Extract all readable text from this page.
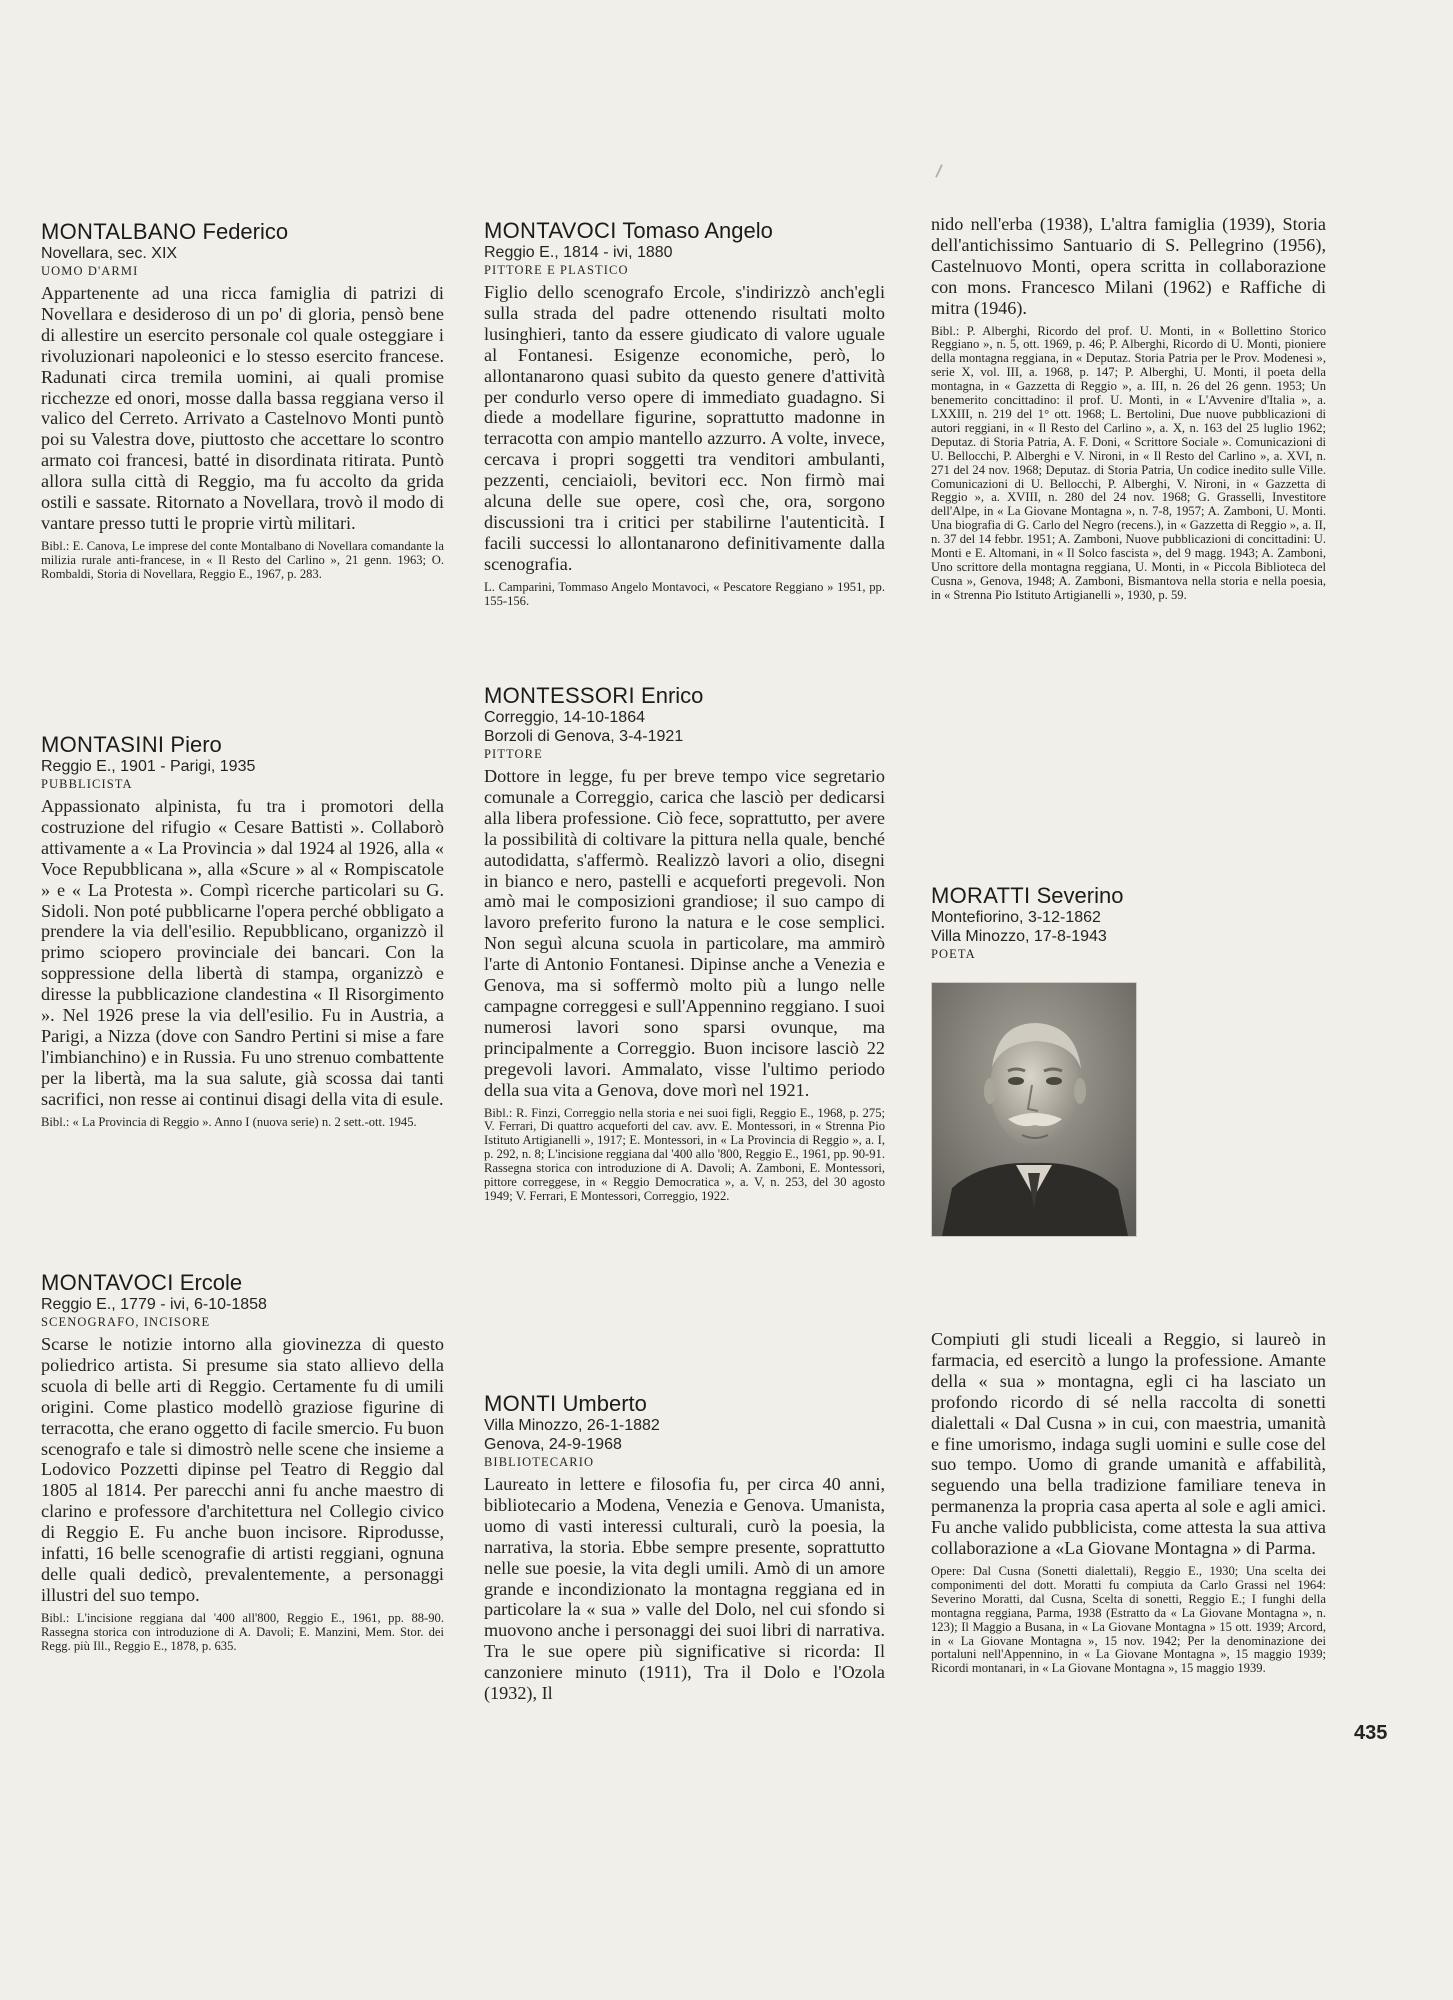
MONTALBANO Federico
Novellara, sec. XIX
UOMO D'ARMI

Appartenente ad una ricca famiglia di patrizi di Novellara e desideroso di un po' di gloria, pensò bene di allestire un esercito personale col quale osteggiare i rivoluzionari napoleonici e lo stesso esercito francese. Radunati circa tremila uomini, ai quali promise ricchezze ed onori, mosse dalla bassa reggiana verso il valico del Cerreto. Arrivato a Castelnovo Monti puntò poi su Valestra dove, piuttosto che accettare lo scontro armato coi francesi, batté in disordinata ritirata. Puntò allora sulla città di Reggio, ma fu accolto da grida ostili e sassate. Ritornato a Novellara, trovò il modo di vantare presso tutti le proprie virtù militari.

Bibl.: E. Canova, Le imprese del conte Montalbano di Novellara comandante la milizia rurale anti-francese, in « Il Resto del Carlino », 21 genn. 1963; O. Rombaldi, Storia di Novellara, Reggio E., 1967, p. 283.

MONTASINI Piero
Reggio E., 1901 - Parigi, 1935
PUBBLICISTA

Appassionato alpinista, fu tra i promotori della costruzione del rifugio « Cesare Battisti ». Collaborò attivamente a « La Provincia » dal 1924 al 1926, alla « Voce Repubblicana », alla «Scure » al « Rompiscatole » e « La Protesta ». Compì ricerche particolari su G. Sidoli. Non poté pubblicarne l'opera perché obbligato a prendere la via dell'esilio. Repubblicano, organizzò il primo sciopero provinciale dei bancari. Con la soppressione della libertà di stampa, organizzò e diresse la pubblicazione clandestina « Il Risorgimento ». Nel 1926 prese la via dell'esilio. Fu in Austria, a Parigi, a Nizza (dove con Sandro Pertini si mise a fare l'imbianchino) e in Russia. Fu uno strenuo combattente per la libertà, ma la sua salute, già scossa dai tanti sacrifici, non resse ai continui disagi della vita di esule.

Bibl.: « La Provincia di Reggio ». Anno I (nuova serie) n. 2 sett.-ott. 1945.

MONTAVOCI Ercole
Reggio E., 1779 - ivi, 6-10-1858
SCENOGRAFO, INCISORE

Scarse le notizie intorno alla giovinezza di questo poliedrico artista. Si presume sia stato allievo della scuola di belle arti di Reggio. Certamente fu di umili origini. Come plastico modellò graziose figurine di terracotta, che erano oggetto di facile smercio. Fu buon scenografo e tale si dimostrò nelle scene che insieme a Lodovico Pozzetti dipinse pel Teatro di Reggio dal 1805 al 1814. Per parecchi anni fu anche maestro di clarino e professore d'architettura nel Collegio civico di Reggio E. Fu anche buon incisore. Riprodusse, infatti, 16 belle scenografie di artisti reggiani, ognuna delle quali dedicò, prevalentemente, a personaggi illustri del suo tempo.

Bibl.: L'incisione reggiana dal '400 all'800, Reggio E., 1961, pp. 88-90. Rassegna storica con introduzione di A. Davoli; E. Manzini, Mem. Stor. dei Regg. più Ill., Reggio E., 1878, p. 635.

MONTAVOCI Tomaso Angelo
Reggio E., 1814 - ivi, 1880
PITTORE E PLASTICO

Figlio dello scenografo Ercole, s'indirizzò anch'egli sulla strada del padre ottenendo risultati molto lusinghieri, tanto da essere giudicato di valore uguale al Fontanesi. Esigenze economiche, però, lo allontanarono quasi subito da questo genere d'attività per condurlo verso opere di immediato guadagno. Si diede a modellare figurine, soprattutto madonne in terracotta con ampio mantello azzurro. A volte, invece, cercava i propri soggetti tra venditori ambulanti, pezzenti, cenciaioli, bevitori ecc. Non firmò mai alcuna delle sue opere, così che, ora, sorgono discussioni tra i critici per stabilirne l'autenticità. I facili successi lo allontanarono definitivamente dalla scenografia.

L. Camparini, Tommaso Angelo Montavoci, « Pescatore Reggiano » 1951, pp. 155-156.

MONTESSORI Enrico
Correggio, 14-10-1864
Borzoli di Genova, 3-4-1921
PITTORE

Dottore in legge, fu per breve tempo vice segretario comunale a Correggio, carica che lasciò per dedicarsi alla libera professione. Ciò fece, soprattutto, per avere la possibilità di coltivare la pittura nella quale, benché autodidatta, s'affermò. Realizzò lavori a olio, disegni in bianco e nero, pastelli e acqueforti pregevoli. Non amò mai le composizioni grandiose; il suo campo di lavoro preferito furono la natura e le cose semplici. Non seguì alcuna scuola in particolare, ma ammirò l'arte di Antonio Fontanesi. Dipinse anche a Venezia e Genova, ma si soffermò molto più a lungo nelle campagne correggesi e sull'Appennino reggiano. I suoi numerosi lavori sono sparsi ovunque, ma principalmente a Correggio. Buon incisore lasciò 22 pregevoli lavori. Ammalato, visse l'ultimo periodo della sua vita a Genova, dove morì nel 1921.

Bibl.: R. Finzi, Correggio nella storia e nei suoi figli, Reggio E., 1968, p. 275; V. Ferrari, Di quattro acqueforti del cav. avv. E. Montessori, in « Strenna Pio Istituto Artigianelli », 1917; E. Montessori, in « La Provincia di Reggio », a. I, p. 292, n. 8; L'incisione reggiana dal '400 allo '800, Reggio E., 1961, pp. 90-91. Rassegna storica con introduzione di A. Davoli; A. Zamboni, E. Montessori, pittore correggese, in « Reggio Democratica », a. V, n. 253, del 30 agosto 1949; V. Ferrari, E Montessori, Correggio, 1922.

MONTI Umberto
Villa Minozzo, 26-1-1882
Genova, 24-9-1968
BIBLIOTECARIO

Laureato in lettere e filosofia fu, per circa 40 anni, bibliotecario a Modena, Venezia e Genova. Umanista, uomo di vasti interessi culturali, curò la poesia, la narrativa, la storia. Ebbe sempre presente, soprattutto nelle sue poesie, la vita degli umili. Amò di un amore grande e incondizionato la montagna reggiana ed in particolare la « sua » valle del Dolo, nel cui sfondo si muovono anche i personaggi dei suoi libri di narrativa. Tra le sue opere più significative si ricorda: Il canzoniere minuto (1911), Tra il Dolo e l'Ozola (1932), Il

nido nell'erba (1938), L'altra famiglia (1939), Storia dell'antichissimo Santuario di S. Pellegrino (1956), Castelnuovo Monti, opera scritta in collaborazione con mons. Francesco Milani (1962) e Raffiche di mitra (1946).

Bibl.: P. Alberghi, Ricordo del prof. U. Monti, in « Bollettino Storico Reggiano », n. 5, ott. 1969, p. 46; P. Alberghi, Ricordo di U. Monti, pioniere della montagna reggiana, in « Deputaz. Storia Patria per le Prov. Modenesi », serie X, vol. III, a. 1968, p. 147; P. Alberghi, U. Monti, il poeta della montagna, in « Gazzetta di Reggio », a. III, n. 26 del 26 genn. 1953; Un benemerito concittadino: il prof. U. Monti, in « L'Avvenire d'Italia », a. LXXIII, n. 219 del 1° ott. 1968; L. Bertolini, Due nuove pubblicazioni di autori reggiani, in « Il Resto del Carlino », a. X, n. 163 del 25 luglio 1962; Deputaz. di Storia Patria, A. F. Doni, « Scrittore Sociale ». Comunicazioni di U. Bellocchi, P. Alberghi e V. Nironi, in « Il Resto del Carlino », a. XVI, n. 271 del 24 nov. 1968; Deputaz. di Storia Patria, Un codice inedito sulle Ville. Comunicazioni di U. Bellocchi, P. Alberghi, V. Nironi, in « Gazzetta di Reggio », a. XVIII, n. 280 del 24 nov. 1968; G. Grasselli, Investitore dell'Alpe, in « La Giovane Montagna », n. 7-8, 1957; A. Zamboni, U. Monti. Una biografia di G. Carlo del Negro (recens.), in « Gazzetta di Reggio », a. II, n. 37 del 14 febbr. 1951; A. Zamboni, Nuove pubblicazioni di concittadini: U. Monti e E. Altomani, in « Il Solco fascista », del 9 magg. 1943; A. Zamboni, Uno scrittore della montagna reggiana, U. Monti, in « Piccola Biblioteca del Cusna », Genova, 1948; A. Zamboni, Bismantova nella storia e nella poesia, in « Strenna Pio Istituto Artigianelli », 1930, p. 59.

MORATTI Severino
Montefiorino, 3-12-1862
Villa Minozzo, 17-8-1943
POETA

Compiuti gli studi liceali a Reggio, si laureò in farmacia, ed esercitò a lungo la professione. Amante della « sua » montagna, egli ci ha lasciato un profondo ricordo di sé nella raccolta di sonetti dialettali « Dal Cusna » in cui, con maestria, umanità e fine umorismo, indaga sugli uomini e sulle cose del suo tempo. Uomo di grande umanità e affabilità, seguendo una bella tradizione familiare teneva in permanenza la propria casa aperta al sole e agli amici. Fu anche valido pubblicista, come attesta la sua attiva collaborazione a «La Giovane Montagna » di Parma.

Opere: Dal Cusna (Sonetti dialettali), Reggio E., 1930; Una scelta dei componimenti del dott. Moratti fu compiuta da Carlo Grassi nel 1964: Severino Moratti, dal Cusna, Scelta di sonetti, Reggio E.; I funghi della montagna reggiana, Parma, 1938 (Estratto da « La Giovane Montagna », n. 123); Il Maggio a Busana, in « La Giovane Montagna » 15 ott. 1939; Arcord, in « La Giovane Montagna », 15 nov. 1942; Per la denominazione dei portaluni nell'Appennino, in « La Giovane Montagna », 15 maggio 1939; Ricordi montanari, in « La Giovane Montagna », 15 maggio 1939.

435
